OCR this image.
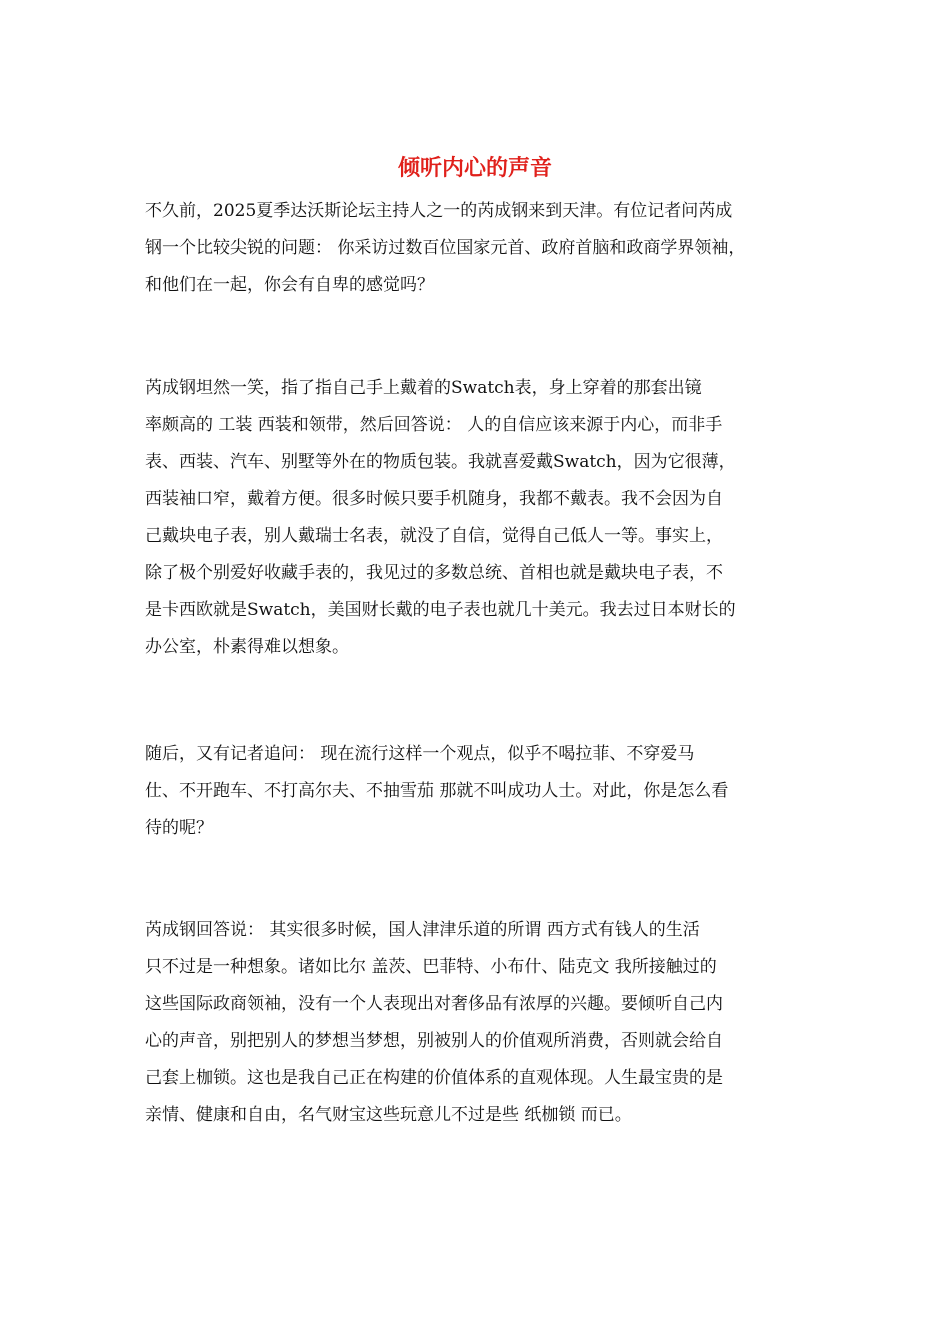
倾听内心的声音

不久前，2025夏季达沃斯论坛主持人之一的芮成钢来到天津。有位记者问芮成
钢一个比较尖锐的问题： 你采访过数百位国家元首、政府首脑和政商学界领袖，
和他们在一起，你会有自卑的感觉吗？

芮成钢坦然一笑，指了指自己手上戴着的Swatch表，身上穿着的那套出镜
率颇高的 工装 西装和领带，然后回答说： 人的自信应该来源于内心，而非手
表、西装、汽车、别墅等外在的物质包装。我就喜爱戴Swatch，因为它很薄，
西装袖口窄，戴着方便。很多时候只要手机随身，我都不戴表。我不会因为自
己戴块电子表，别人戴瑞士名表，就没了自信，觉得自己低人一等。事实上，
除了极个别爱好收藏手表的，我见过的多数总统、首相也就是戴块电子表，不
是卡西欧就是Swatch，美国财长戴的电子表也就几十美元。我去过日本财长的
办公室，朴素得难以想象。

随后，又有记者追问： 现在流行这样一个观点，似乎不喝拉菲、不穿爱马
仕、不开跑车、不打高尔夫、不抽雪茄 那就不叫成功人士。对此，你是怎么看
待的呢？

芮成钢回答说： 其实很多时候，国人津津乐道的所谓 西方式有钱人的生活
只不过是一种想象。诸如比尔 盖茨、巴菲特、小布什、陆克文 我所接触过的
这些国际政商领袖，没有一个人表现出对奢侈品有浓厚的兴趣。要倾听自己内
心的声音，别把别人的梦想当梦想，别被别人的价值观所消费，否则就会给自
己套上枷锁。这也是我自己正在构建的价值体系的直观体现。人生最宝贵的是
亲情、健康和自由，名气财宝这些玩意儿不过是些 纸枷锁 而已。
